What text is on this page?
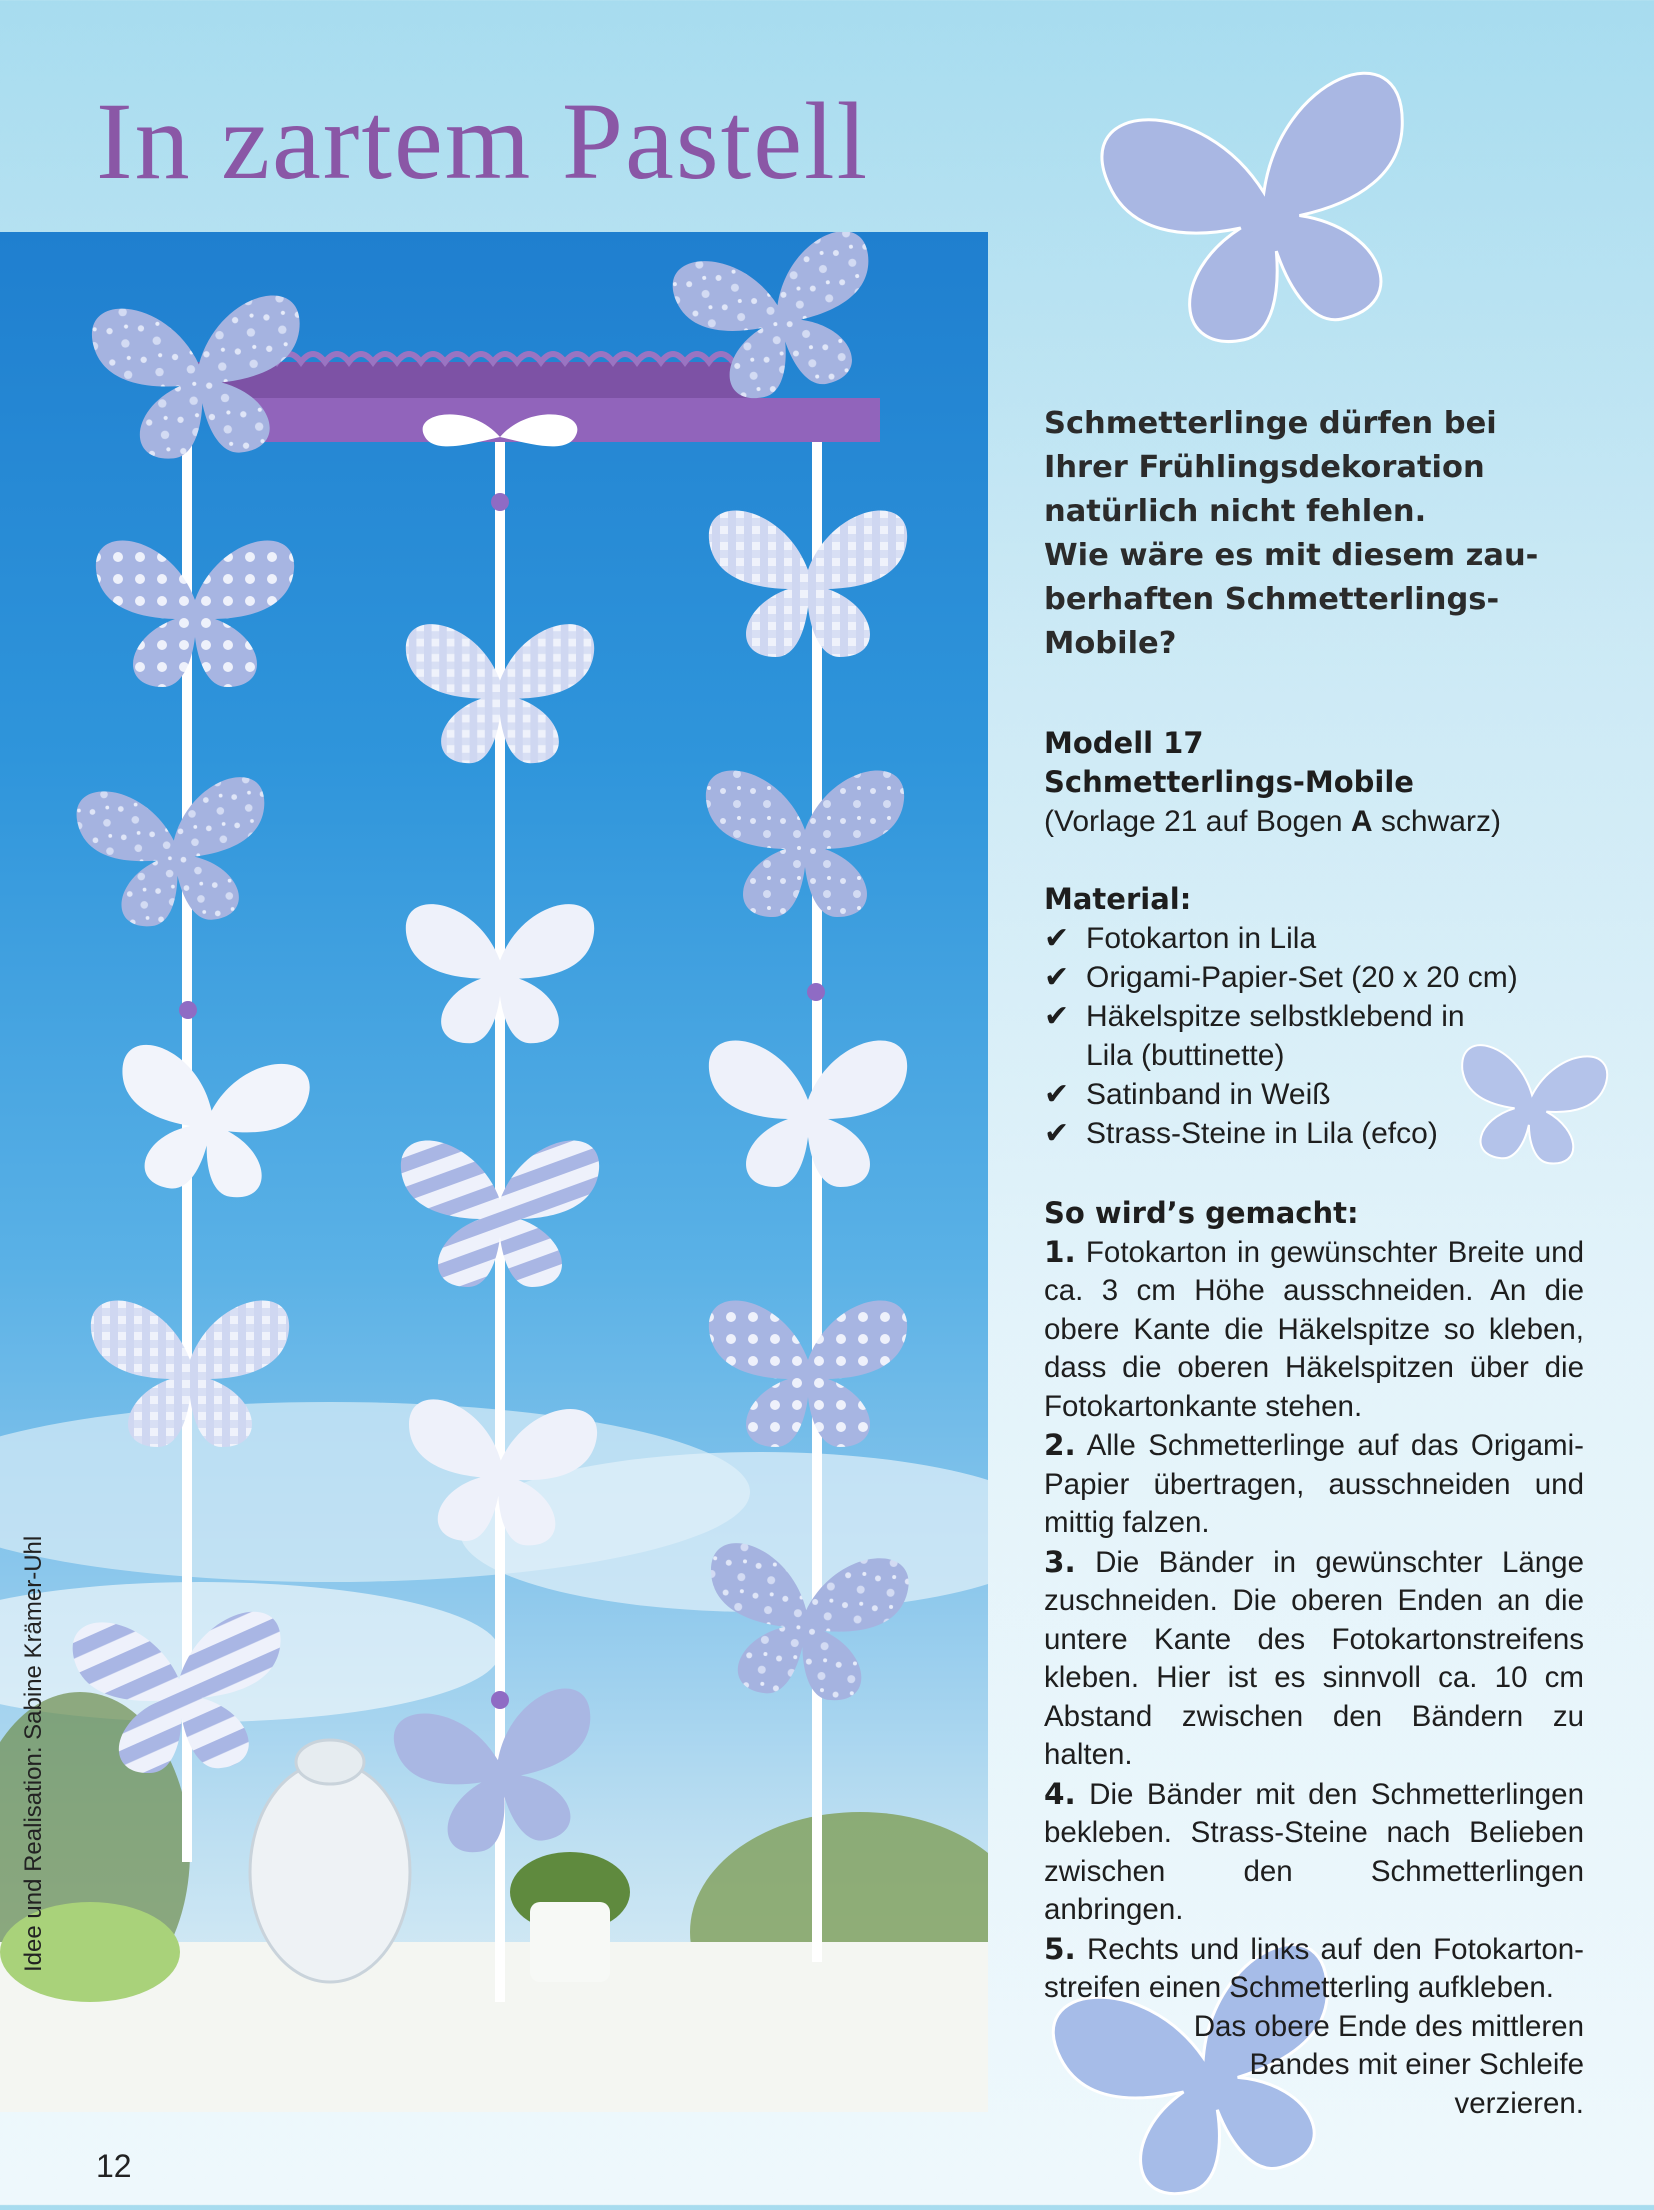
In zartem Pastell
Idee und Realisation: Sabine Krämer-Uhl

Schmetterlinge dürfen bei

Ihrer Frühlingsdekoration

natürlich nicht fehlen.

Wie wäre es mit diesem zau-

berhaften Schmetterlings-

Mobile?

Modell 17
Schmetterlings-Mobile
(Vorlage 21 auf Bogen A schwarz)
Material:
✔ Fotokarton in Lila
✔ Origami-Papier-Set (20 x 20 cm)
✔ Häkelspitze selbstklebend in Lila (buttinette)
✔ Satinband in Weiß
✔ Strass-Steine in Lila (efco)
So wird’s gemacht:

1. Fotokarton in gewünschter Breite und ca. 3 cm Höhe ausschneiden. An die obere Kante die Häkelspitze so kleben, dass die oberen Häkelspitzen über die Fotokartonkante stehen.

2. Alle Schmetterlinge auf das Origami-Papier übertragen, ausschneiden und mittig falzen.

3. Die Bänder in gewünschter Länge zuschneiden. Die oberen Enden an die untere Kante des Fotokartonstreifens kleben. Hier ist es sinnvoll ca. 10 cm Abstand zwischen den Bändern zu halten.

4. Die Bänder mit den Schmetterlingen bekleben. Strass-Steine nach Belieben zwischen den Schmetterlingen anbringen.

5. Rechts und links auf den Fotokarton-streifen einen Schmetterling aufkleben.

Das obere Ende des mittleren

Bandes mit einer Schleife

verzieren.

12
